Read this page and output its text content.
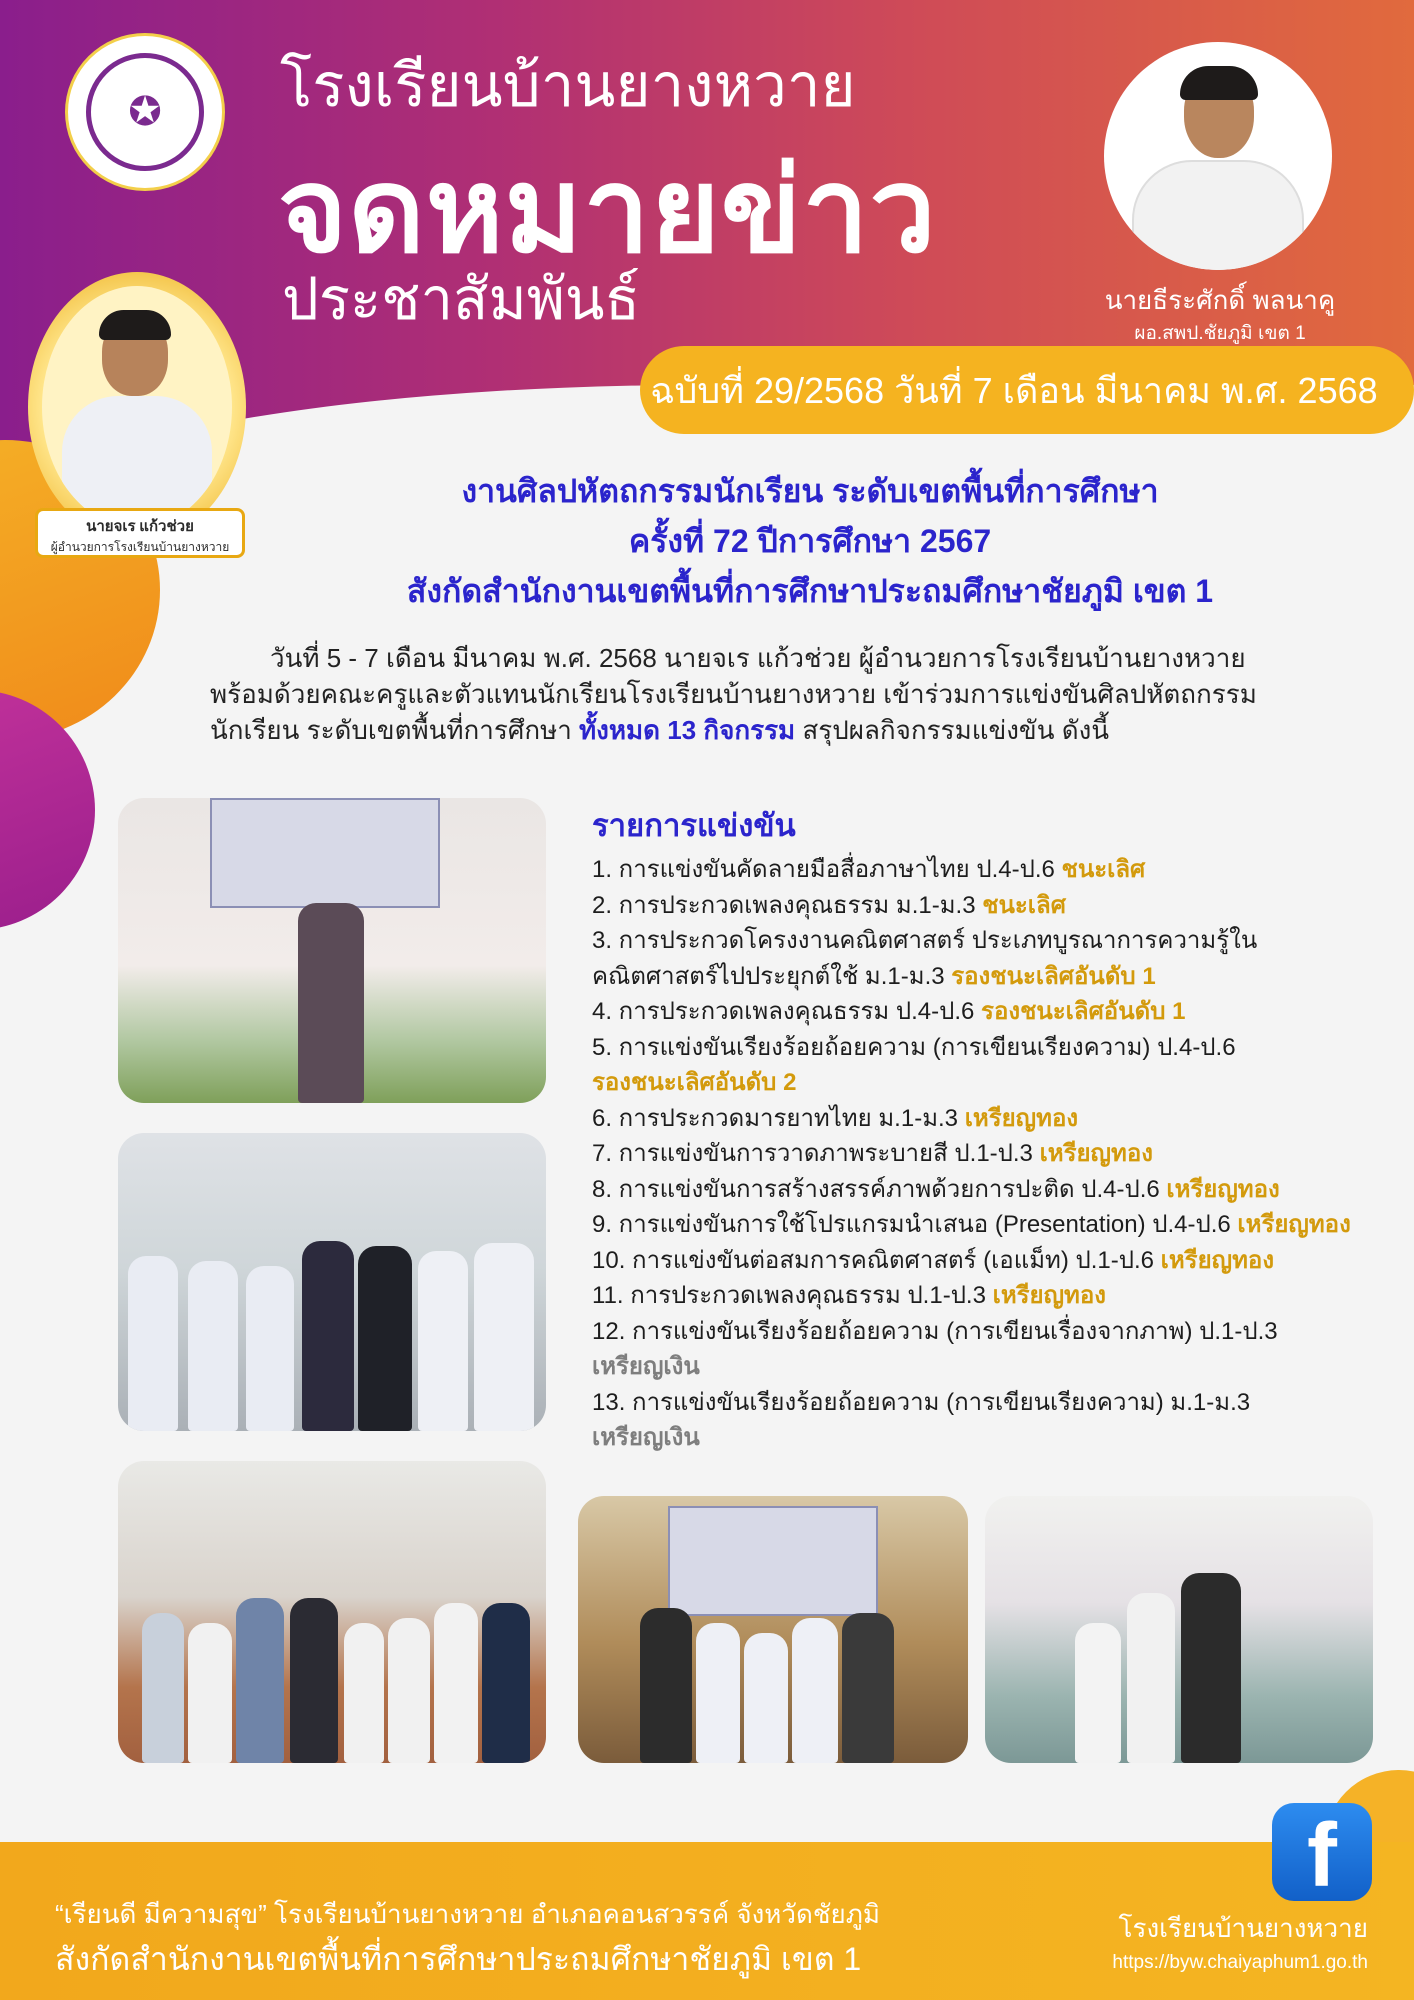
✪	โรงเรียนบ้านยางหวาย
จดหมายข่าว
ประชาสัมพันธ์	นายธีระศักดิ์ พลนาคู
ผอ.สพป.ชัยภูมิ เขต 1
ฉบับที่ 29/2568 วันที่ 7 เดือน มีนาคม พ.ศ. 2568
นายจเร แก้วช่วย
ผู้อำนวยการโรงเรียนบ้านยางหวาย
งานศิลปหัตถกรรมนักเรียน ระดับเขตพื้นที่การศึกษา
ครั้งที่ 72 ปีการศึกษา 2567
สังกัดสำนักงานเขตพื้นที่การศึกษาประถมศึกษาชัยภูมิ เขต 1
วันที่ 5 - 7 เดือน มีนาคม พ.ศ. 2568 นายจเร แก้วช่วย ผู้อำนวยการโรงเรียนบ้านยางหวาย
พร้อมด้วยคณะครูและตัวแทนนักเรียนโรงเรียนบ้านยางหวาย เข้าร่วมการแข่งขันศิลปหัตถกรรม
นักเรียน ระดับเขตพื้นที่การศึกษา ทั้งหมด 13 กิจกรรม สรุปผลกิจกรรมแข่งขัน ดังนี้
รายการแข่งขัน
1. การแข่งขันคัดลายมือสื่อภาษาไทย ป.4-ป.6 ชนะเลิศ
2. การประกวดเพลงคุณธรรม ม.1-ม.3 ชนะเลิศ
3. การประกวดโครงงานคณิตศาสตร์ ประเภทบูรณาการความรู้ใน
คณิตศาสตร์ไปประยุกต์ใช้ ม.1-ม.3 รองชนะเลิศอันดับ 1
4. การประกวดเพลงคุณธรรม ป.4-ป.6 รองชนะเลิศอันดับ 1
5. การแข่งขันเรียงร้อยถ้อยความ (การเขียนเรียงความ) ป.4-ป.6
รองชนะเลิศอันดับ 2
6. การประกวดมารยาทไทย ม.1-ม.3 เหรียญทอง
7. การแข่งขันการวาดภาพระบายสี ป.1-ป.3 เหรียญทอง
8. การแข่งขันการสร้างสรรค์ภาพด้วยการปะติด ป.4-ป.6 เหรียญทอง
9. การแข่งขันการใช้โปรแกรมนำเสนอ (Presentation) ป.4-ป.6 เหรียญทอง
10. การแข่งขันต่อสมการคณิตศาสตร์ (เอแม็ท) ป.1-ป.6 เหรียญทอง
11. การประกวดเพลงคุณธรรม ป.1-ป.3 เหรียญทอง
12. การแข่งขันเรียงร้อยถ้อยความ (การเขียนเรื่องจากภาพ) ป.1-ป.3
เหรียญเงิน
13. การแข่งขันเรียงร้อยถ้อยความ (การเขียนเรียงความ) ม.1-ม.3
เหรียญเงิน
“เรียนดี มีความสุข” โรงเรียนบ้านยางหวาย อำเภอคอนสวรรค์ จังหวัดชัยภูมิ
สังกัดสำนักงานเขตพื้นที่การศึกษาประถมศึกษาชัยภูมิ เขต 1
โรงเรียนบ้านยางหวาย
https://byw.chaiyaphum1.go.th
f
